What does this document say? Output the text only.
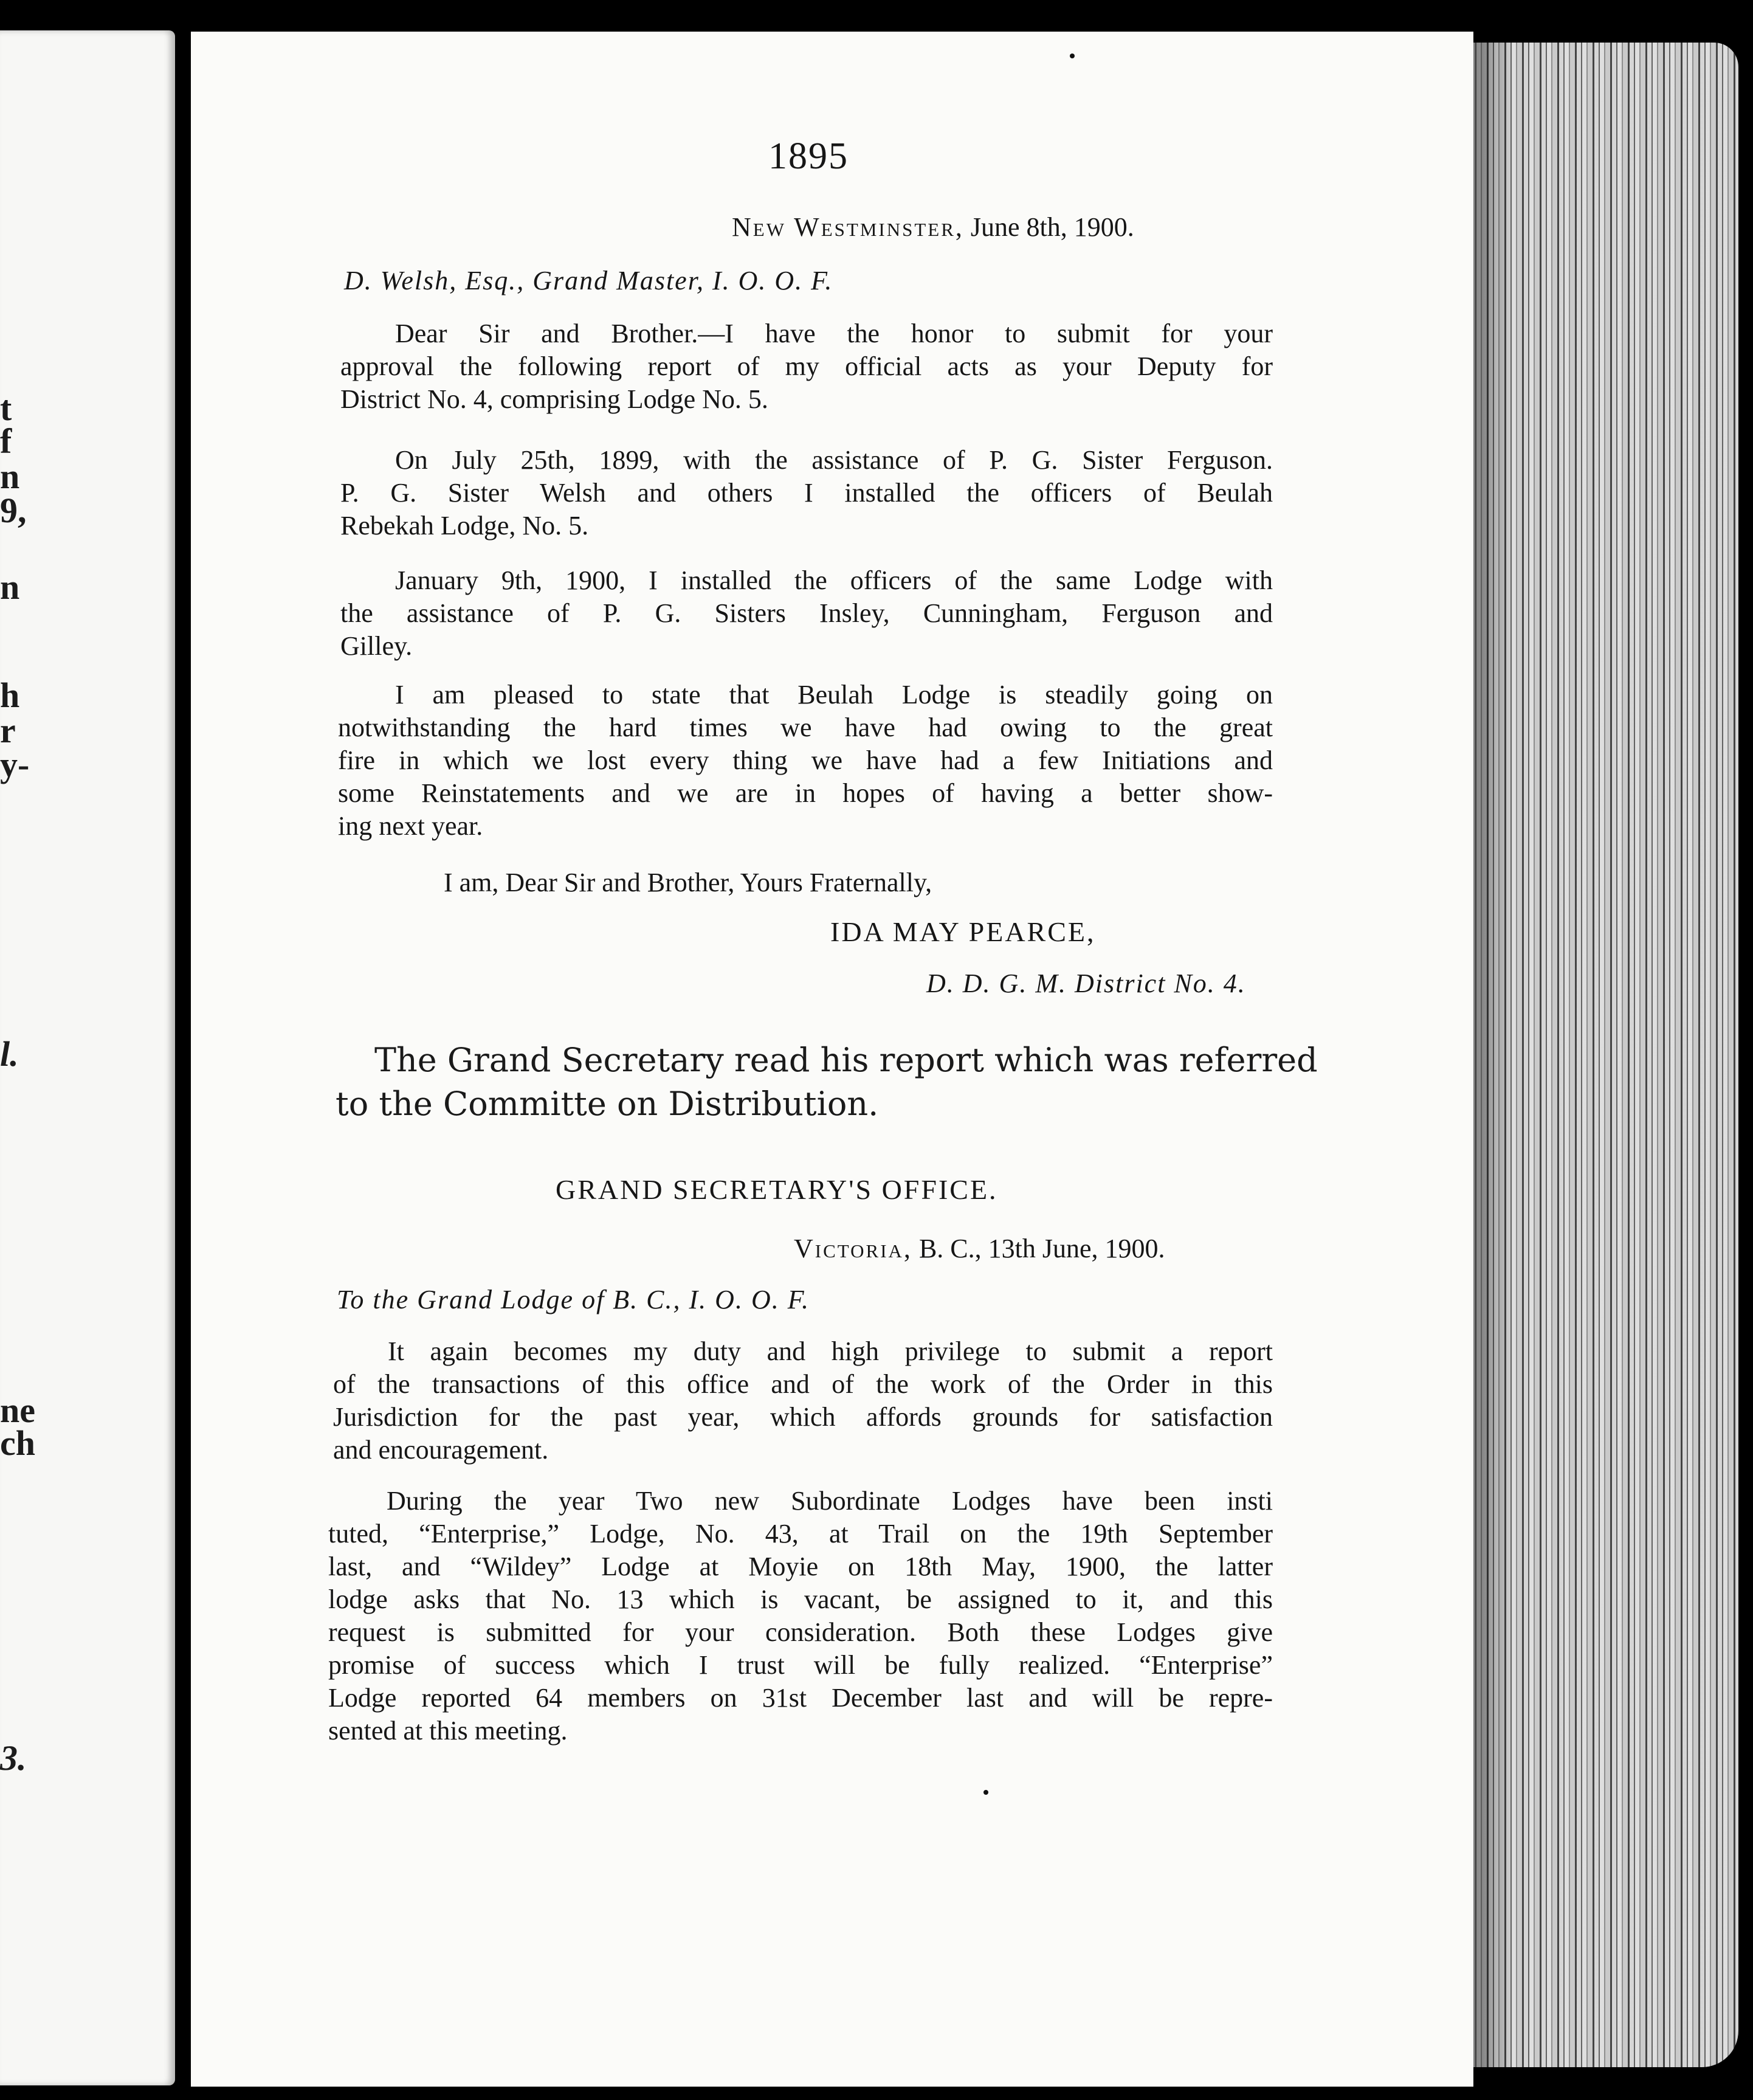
t
f
n
9,
n
h
r
y-
l.
ne
ch
3.
1895
New Westminster, June 8th, 1900.
D. Welsh, Esq., Grand Master, I. O. O. F.
Dear Sir and Brother.—I have the honor to submit for your
approval the following report of my official acts as your Deputy for
District No. 4, comprising Lodge No. 5.
On July 25th, 1899, with the assistance of P. G. Sister Ferguson.
P. G. Sister Welsh and others I installed the officers of Beulah
Rebekah Lodge, No. 5.
January 9th, 1900, I installed the officers of the same Lodge with
the assistance of P. G. Sisters Insley, Cunningham, Ferguson and
Gilley.
I am pleased to state that Beulah Lodge is steadily going on
notwithstanding the hard times we have had owing to the great
fire in which we lost every thing we have had a few Initiations and
some Reinstatements and we are in hopes of having a better show-
ing next year.
I am, Dear Sir and Brother, Yours Fraternally,
IDA MAY PEARCE,
D. D. G. M. District No. 4.
The Grand Secretary read his report which was referred
to the Committe on Distribution.
GRAND SECRETARY'S OFFICE.
Victoria, B. C., 13th June, 1900.
To the Grand Lodge of B. C., I. O. O. F.
It again becomes my duty and high privilege to submit a report
of the transactions of this office and of the work of the Order in this
Jurisdiction for the past year, which affords grounds for satisfaction
and encouragement.
During the year Two new Subordinate Lodges have been insti
tuted, “Enterprise,” Lodge, No. 43, at Trail on the 19th September
last, and “Wildey” Lodge at Moyie on 18th May, 1900, the latter
lodge asks that No. 13 which is vacant, be assigned to it, and this
request is submitted for your consideration. Both these Lodges give
promise of success which I trust will be fully realized. “Enterprise”
Lodge reported 64 members on 31st December last and will be repre-
sented at this meeting.
